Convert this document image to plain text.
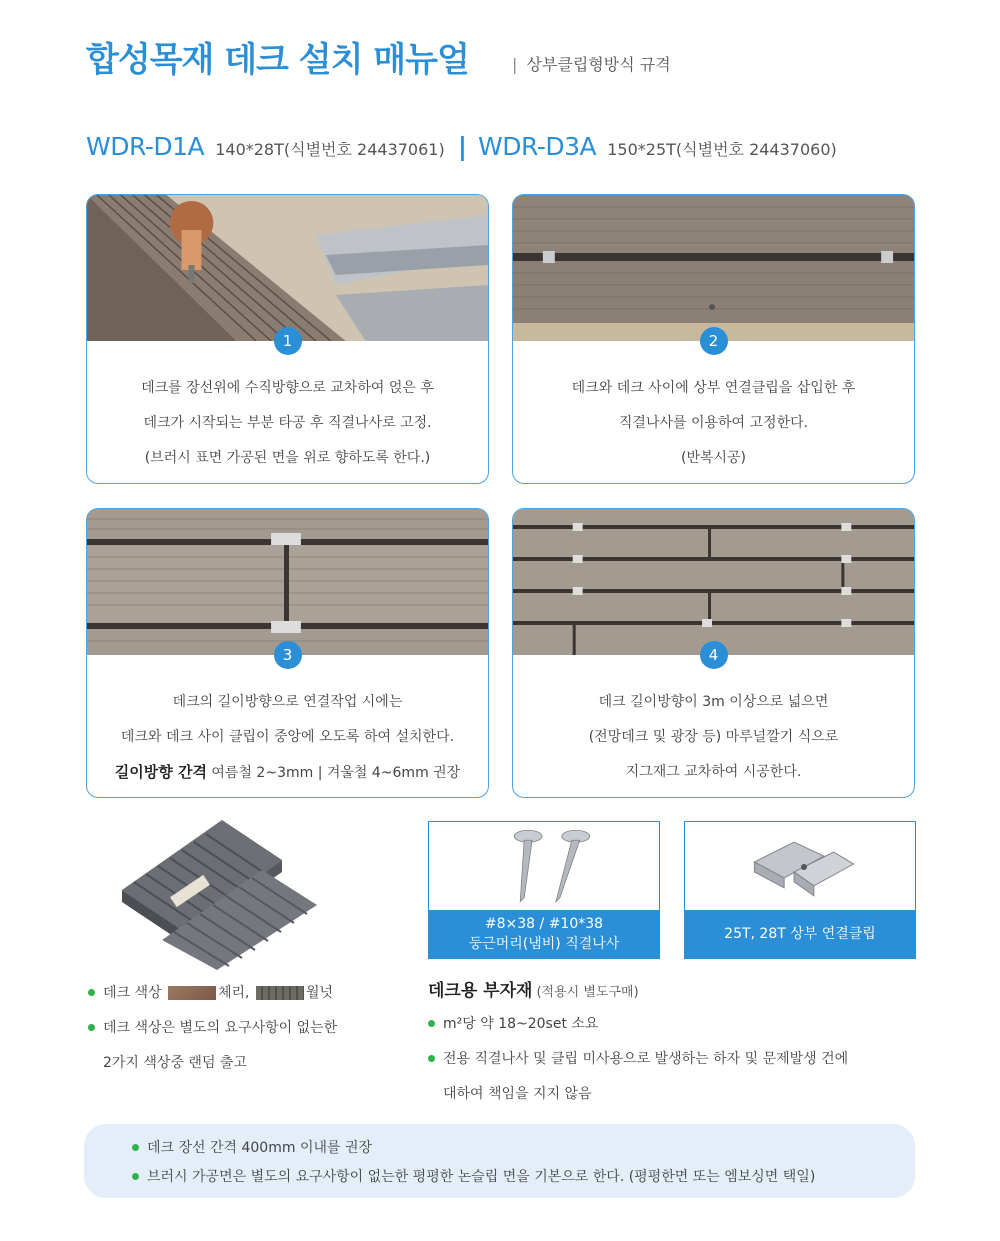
합성목재 데크 설치 매뉴얼	| 상부클립형방식 규격
WDR-D1A 140*28T(식별번호 24437061) | WDR-D3A 150*25T(식별번호 24437060)
1
데크를 장선위에 수직방향으로 교차하여 얹은 후
데크가 시작되는 부분 타공 후 직결나사로 고정.
(브러시 표면 가공된 면을 위로 향하도록 한다.)
2
데크와 데크 사이에 상부 연결클립을 삽입한 후
직결나사를 이용하여 고정한다.
(반복시공)
3
데크의 길이방향으로 연결작업 시에는
데크와 데크 사이 클립이 중앙에 오도록 하여 설치한다.
길이방향 간격 여름철 2~3mm | 겨울철 4~6mm 권장
4
데크 길이방향이 3m 이상으로 넓으면
(전망데크 및 광장 등) 마루널깔기 식으로
지그재그 교차하여 시공한다.
#8×38 / #10*38
둥근머리(냄비) 직결나사
25T, 28T 상부 연결클립
데크 색상	체리,	월넛
데크 색상은 별도의 요구사항이 없는한
2가지 색상중 랜덤 출고
데크용 부자재 (적용시 별도구매)
m²당 약 18~20set 소요
전용 직결나사 및 클립 미사용으로 발생하는 하자 및 문제발생 건에
대하여 책임을 지지 않음
데크 장선 간격 400mm 이내를 권장
브러시 가공면은 별도의 요구사항이 없는한 평평한 논슬립 면을 기본으로 한다. (평평한면 또는 엠보싱면 택일)
